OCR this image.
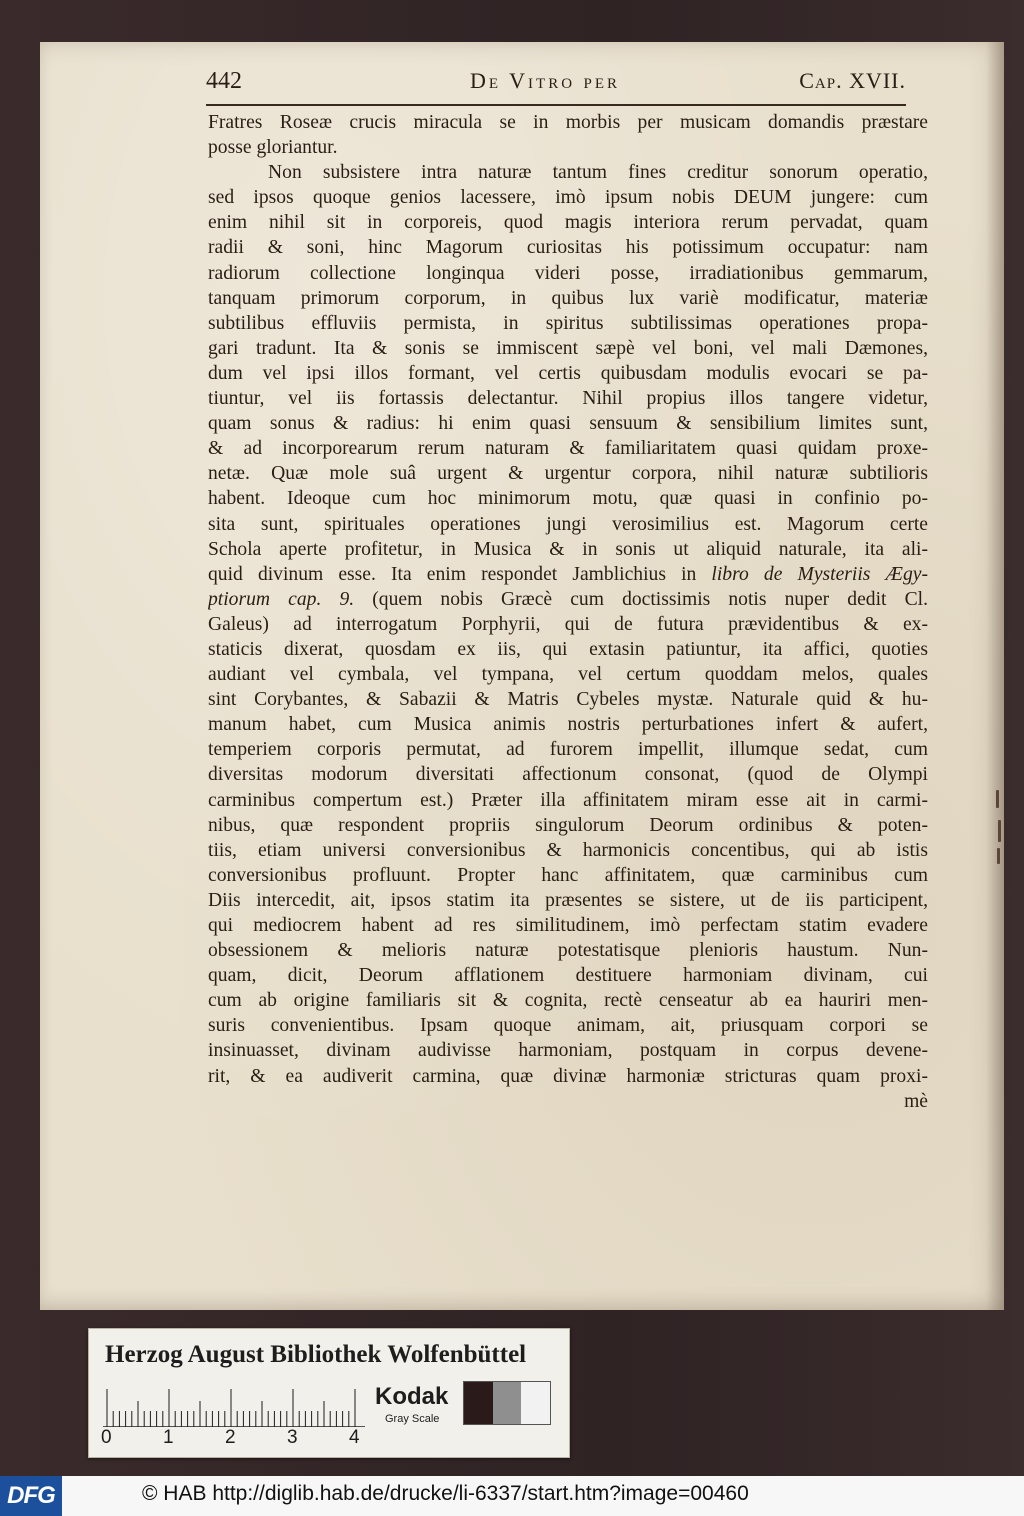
442	De Vitro per	Cap. XVII.
Fratres Roseæ crucis miracula se in morbis per musicam domandis præstare
posse gloriantur.
Non subsistere intra naturæ tantum fines creditur sonorum operatio,
sed ipsos quoque genios lacessere, imò ipsum nobis DEUM jungere: cum
enim nihil sit in corporeis, quod magis interiora rerum pervadat, quam
radii & soni, hinc Magorum curiositas his potissimum occupatur: nam
radiorum collectione longinqua videri posse, irradiationibus gemmarum,
tanquam primorum corporum, in quibus lux variè modificatur, materiæ
subtilibus effluviis permista, in spiritus subtilissimas operationes propa-
gari tradunt. Ita & sonis se immiscent sæpè vel boni, vel mali Dæmones,
dum vel ipsi illos formant, vel certis quibusdam modulis evocari se pa-
tiuntur, vel iis fortassis delectantur. Nihil propius illos tangere videtur,
quam sonus & radius: hi enim quasi sensuum & sensibilium limites sunt,
& ad incorporearum rerum naturam & familiaritatem quasi quidam proxe-
netæ. Quæ mole suâ urgent & urgentur corpora, nihil naturæ subtilioris
habent. Ideoque cum hoc minimorum motu, quæ quasi in confinio po-
sita sunt, spirituales operationes jungi verosimilius est. Magorum certe
Schola aperte profitetur, in Musica & in sonis ut aliquid naturale, ita ali-
quid divinum esse. Ita enim respondet Jamblichius in libro de Mysteriis Ægy-
ptiorum cap. 9. (quem nobis Græcè cum doctissimis notis nuper dedit Cl.
Galeus) ad interrogatum Porphyrii, qui de futura prævidentibus & ex-
staticis dixerat, quosdam ex iis, qui extasin patiuntur, ita affici, quoties
audiant vel cymbala, vel tympana, vel certum quoddam melos, quales
sint Corybantes, & Sabazii & Matris Cybeles mystæ. Naturale quid & hu-
manum habet, cum Musica animis nostris perturbationes infert & aufert,
temperiem corporis permutat, ad furorem impellit, illumque sedat, cum
diversitas modorum diversitati affectionum consonat, (quod de Olympi
carminibus compertum est.) Præter illa affinitatem miram esse ait in carmi-
nibus, quæ respondent propriis singulorum Deorum ordinibus & poten-
tiis, etiam universi conversionibus & harmonicis concentibus, qui ab istis
conversionibus profluunt. Propter hanc affinitatem, quæ carminibus cum
Diis intercedit, ait, ipsos statim ita præsentes se sistere, ut de iis participent,
qui mediocrem habent ad res similitudinem, imò perfectam statim evadere
obsessionem & melioris naturæ potestatisque plenioris haustum. Nun-
quam, dicit, Deorum afflationem destituere harmoniam divinam, cui
cum ab origine familiaris sit & cognita, rectè censeatur ab ea hauriri men-
suris convenientibus. Ipsam quoque animam, ait, priusquam corpori se
insinuasset, divinam audivisse harmoniam, postquam in corpus devene-
rit, & ea audiverit carmina, quæ divinæ harmoniæ stricturas quam proxi-
mè
Herzog August Bibliothek Wolfenbüttel
0	1	2	3	4
Kodak
Gray Scale
DFG	© HAB http://diglib.hab.de/drucke/li-6337/start.htm?image=00460
